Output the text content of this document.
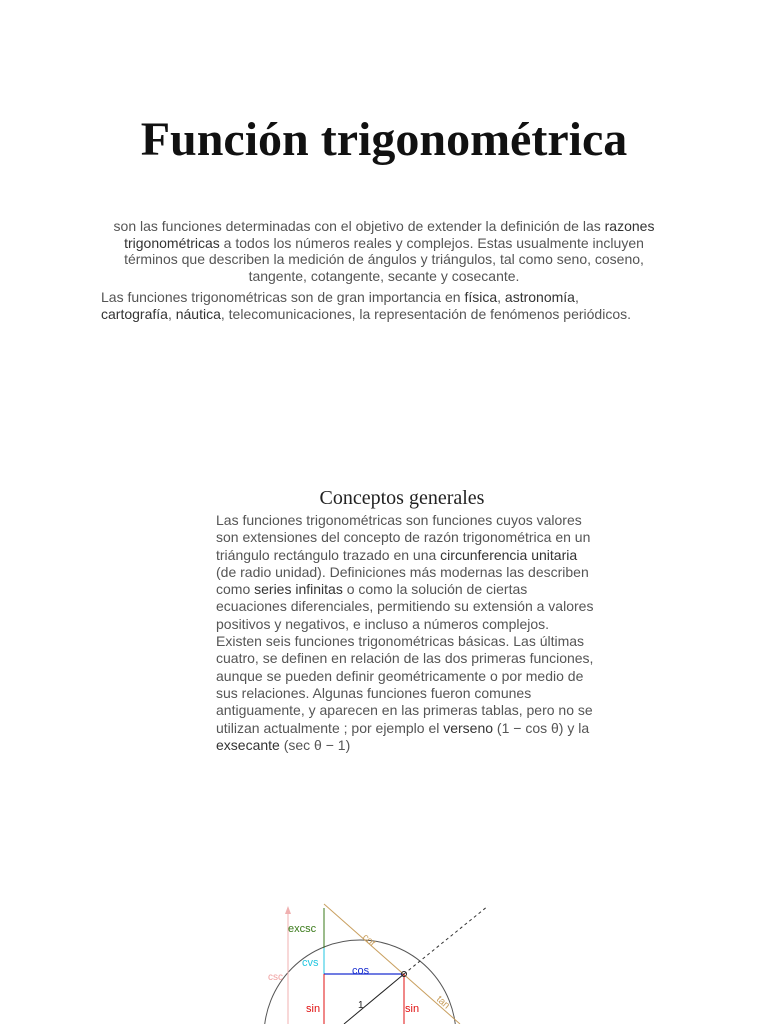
Función trigonométrica

son las funciones determinadas con el objetivo de extender la definición de las razones trigonométricas a todos los números reales y complejos. Estas usualmente incluyen términos que describen la medición de ángulos y triángulos, tal como seno, coseno, tangente, cotangente, secante y cosecante.

Las funciones trigonométricas son de gran importancia en física, astronomía, cartografía, náutica, telecomunicaciones, la representación de fenómenos periódicos.

Conceptos generales

Las funciones trigonométricas son funciones cuyos valores son extensiones del concepto de razón trigonométrica en un triángulo rectángulo trazado en una circunferencia unitaria (de radio unidad). Definiciones más modernas las describen como series infinitas o como la solución de ciertas ecuaciones diferenciales, permitiendo su extensión a valores positivos y negativos, e incluso a números complejos.
Existen seis funciones trigonométricas básicas. Las últimas cuatro, se definen en relación de las dos primeras funciones, aunque se pueden definir geométricamente o por medio de sus relaciones. Algunas funciones fueron comunes antiguamente, y aparecen en las primeras tablas, pero no se utilizan actualmente ; por ejemplo el verseno (1 − cos θ) y la exsecante (sec θ − 1)

excsc
cvs
cos
csc
cot
tan
sin	sin
1
